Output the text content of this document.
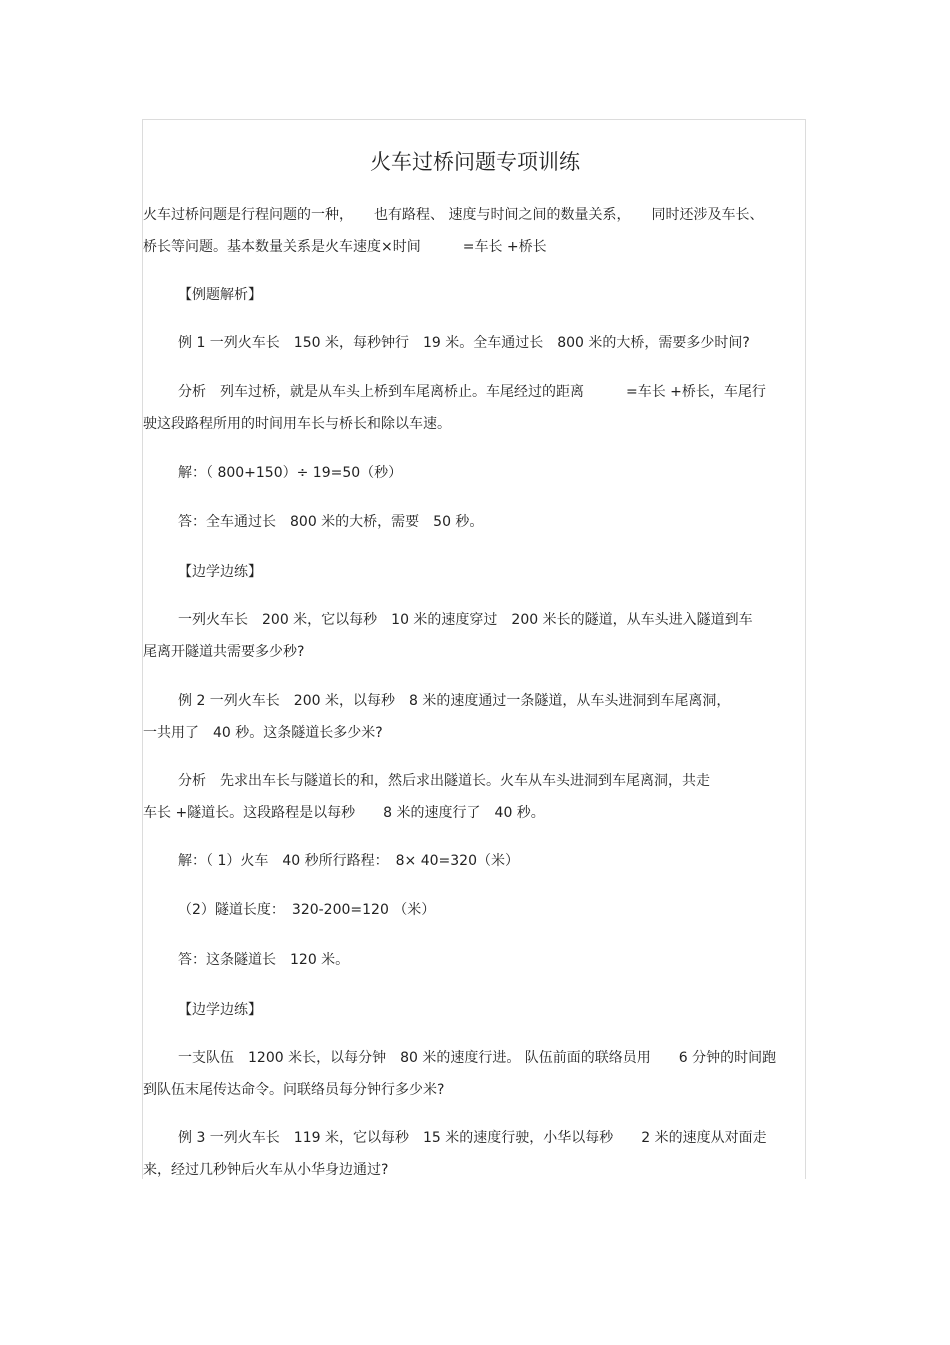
火车过桥问题专项训练
火车过桥问题是行程问题的一种，　　也有路程、 速度与时间之间的数量关系，　　同时还涉及车长、
桥长等问题。基本数量关系是火车速度×时间　　　=车长 +桥长
【例题解析】
例 1 一列火车长　150 米，每秒钟行　19 米。全车通过长　800 米的大桥，需要多少时间?
分析　列车过桥，就是从车头上桥到车尾离桥止。车尾经过的距离　　　=车长 +桥长，车尾行
驶这段路程所用的时间用车长与桥长和除以车速。
解：（ 800+150）÷ 19=50（秒）
答：全车通过长　800 米的大桥，需要　50 秒。
【边学边练】
一列火车长　200 米，它以每秒　10 米的速度穿过　200 米长的隧道，从车头进入隧道到车
尾离开隧道共需要多少秒?
例 2 一列火车长　200 米，以每秒　8 米的速度通过一条隧道，从车头进洞到车尾离洞，
一共用了　40 秒。这条隧道长多少米?
分析　先求出车长与隧道长的和，然后求出隧道长。火车从车头进洞到车尾离洞，共走
车长 +隧道长。这段路程是以每秒　　8 米的速度行了　40 秒。
解：（ 1）火车　40 秒所行路程：　8× 40=320（米）
（2）隧道长度：　320-200=120 （米）
答：这条隧道长　120 米。
【边学边练】
一支队伍　1200 米长，以每分钟　80 米的速度行进。 队伍前面的联络员用　　6 分钟的时间跑
到队伍末尾传达命令。问联络员每分钟行多少米?
例 3 一列火车长　119 米，它以每秒　15 米的速度行驶，小华以每秒　　2 米的速度从对面走
来，经过几秒钟后火车从小华身边通过?
